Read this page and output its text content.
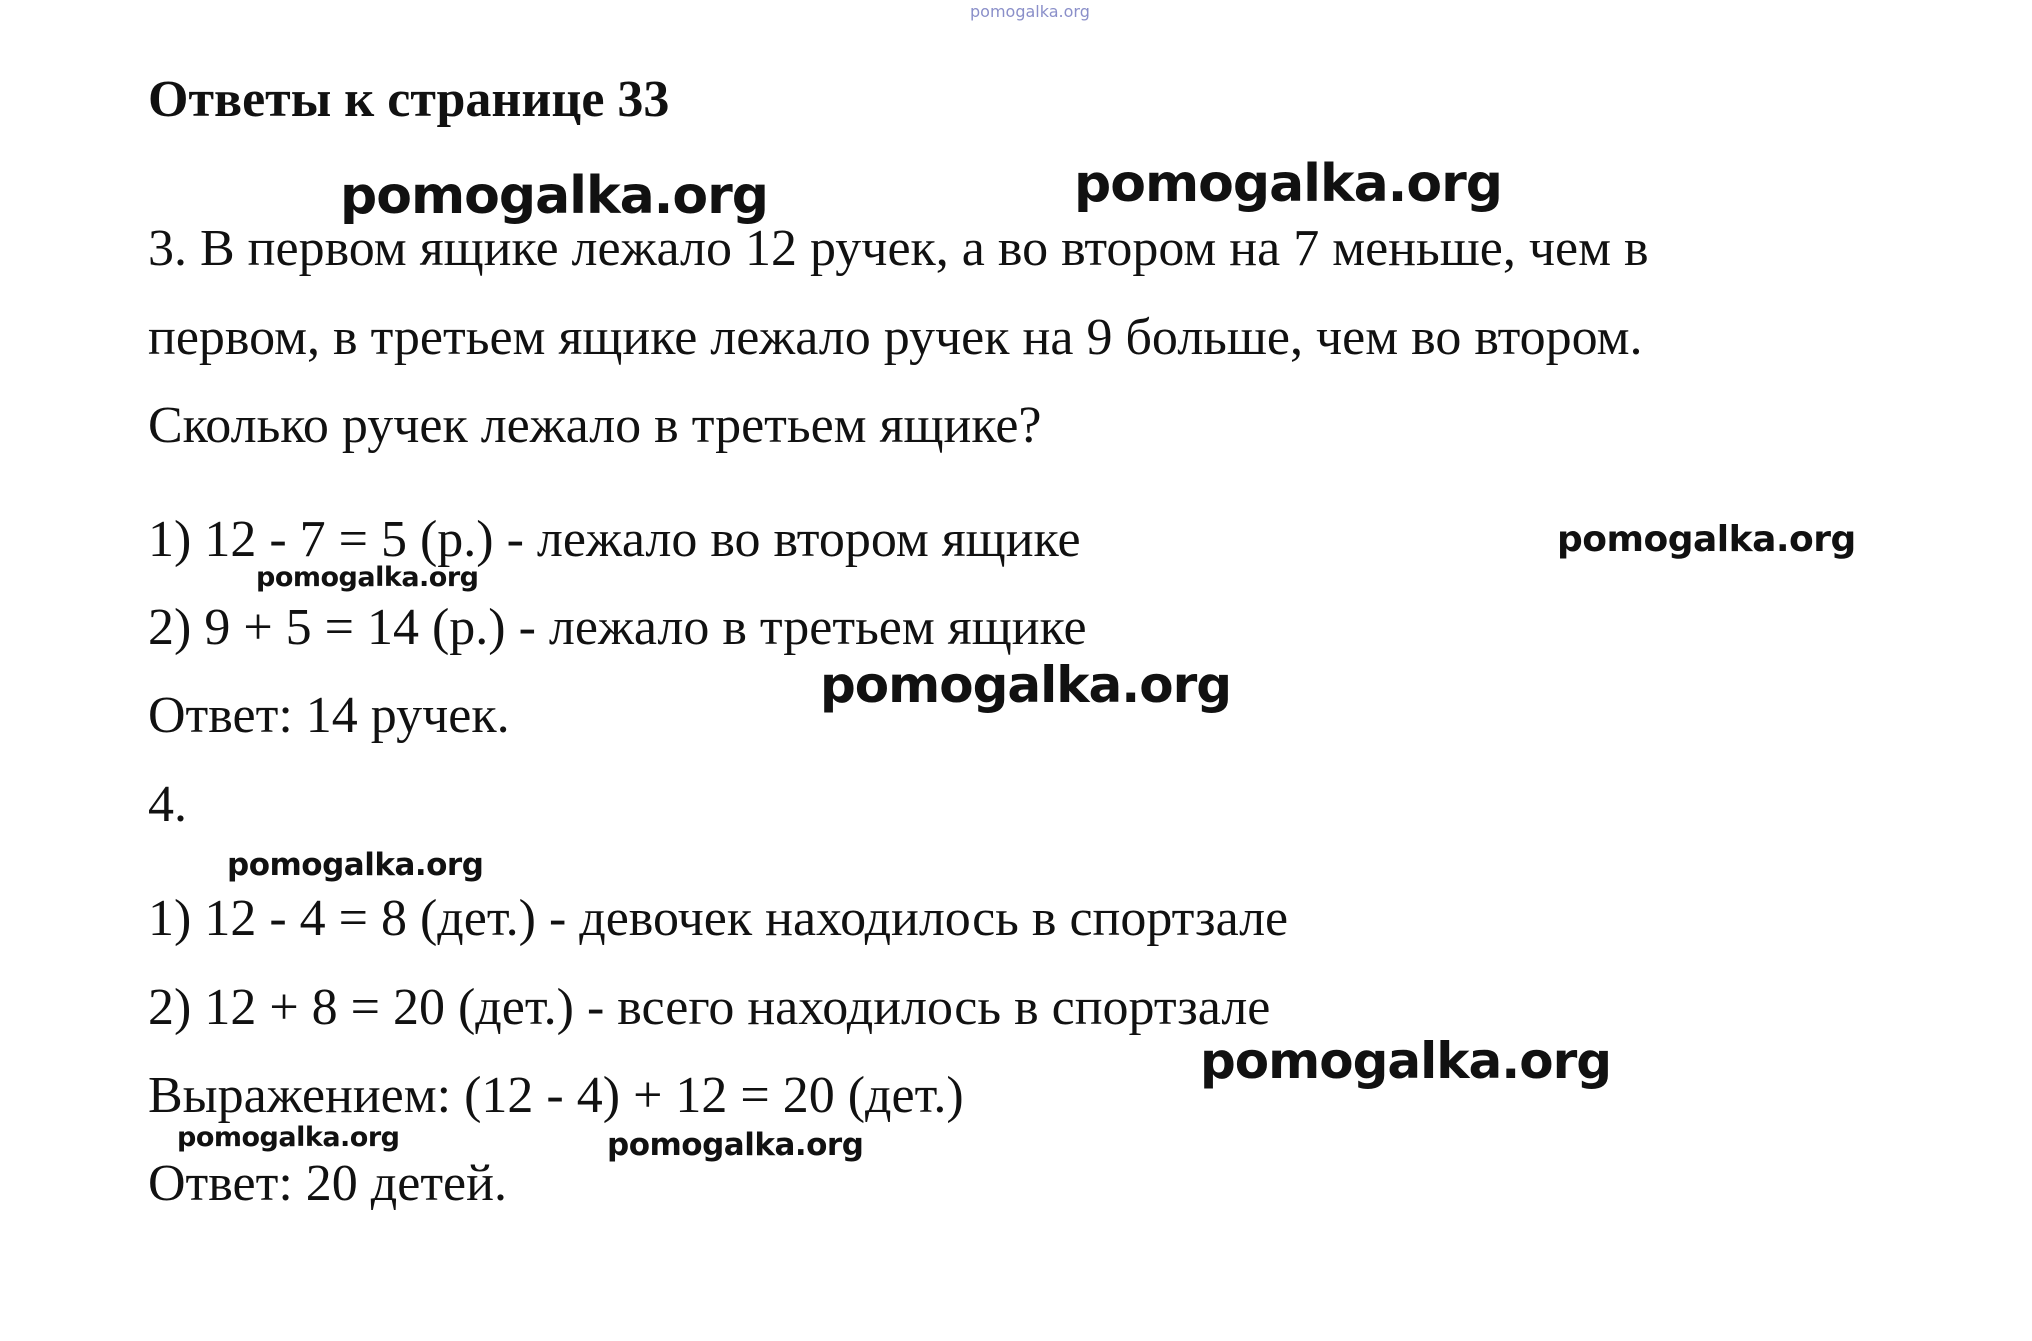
pomogalka.org
Ответы к странице 33
3. В первом ящике лежало 12 ручек, а во втором на 7 меньше, чем в
первом, в третьем ящике лежало ручек на 9 больше, чем во втором.
Сколько ручек лежало в третьем ящике?
1) 12 - 7 = 5 (р.) - лежало во втором ящике
2) 9 + 5 = 14 (р.) - лежало в третьем ящике
Ответ: 14 ручек.
4.
1) 12 - 4 = 8 (дет.) - девочек находилось в спортзале
2) 12 + 8 = 20 (дет.) - всего находилось в спортзале
Выражением: (12 - 4) + 12 = 20 (дет.)
Ответ: 20 детей.
pomogalka.org	pomogalka.org
pomogalka.org
pomogalka.org
pomogalka.org
pomogalka.org
pomogalka.org
pomogalka.org	pomogalka.org
